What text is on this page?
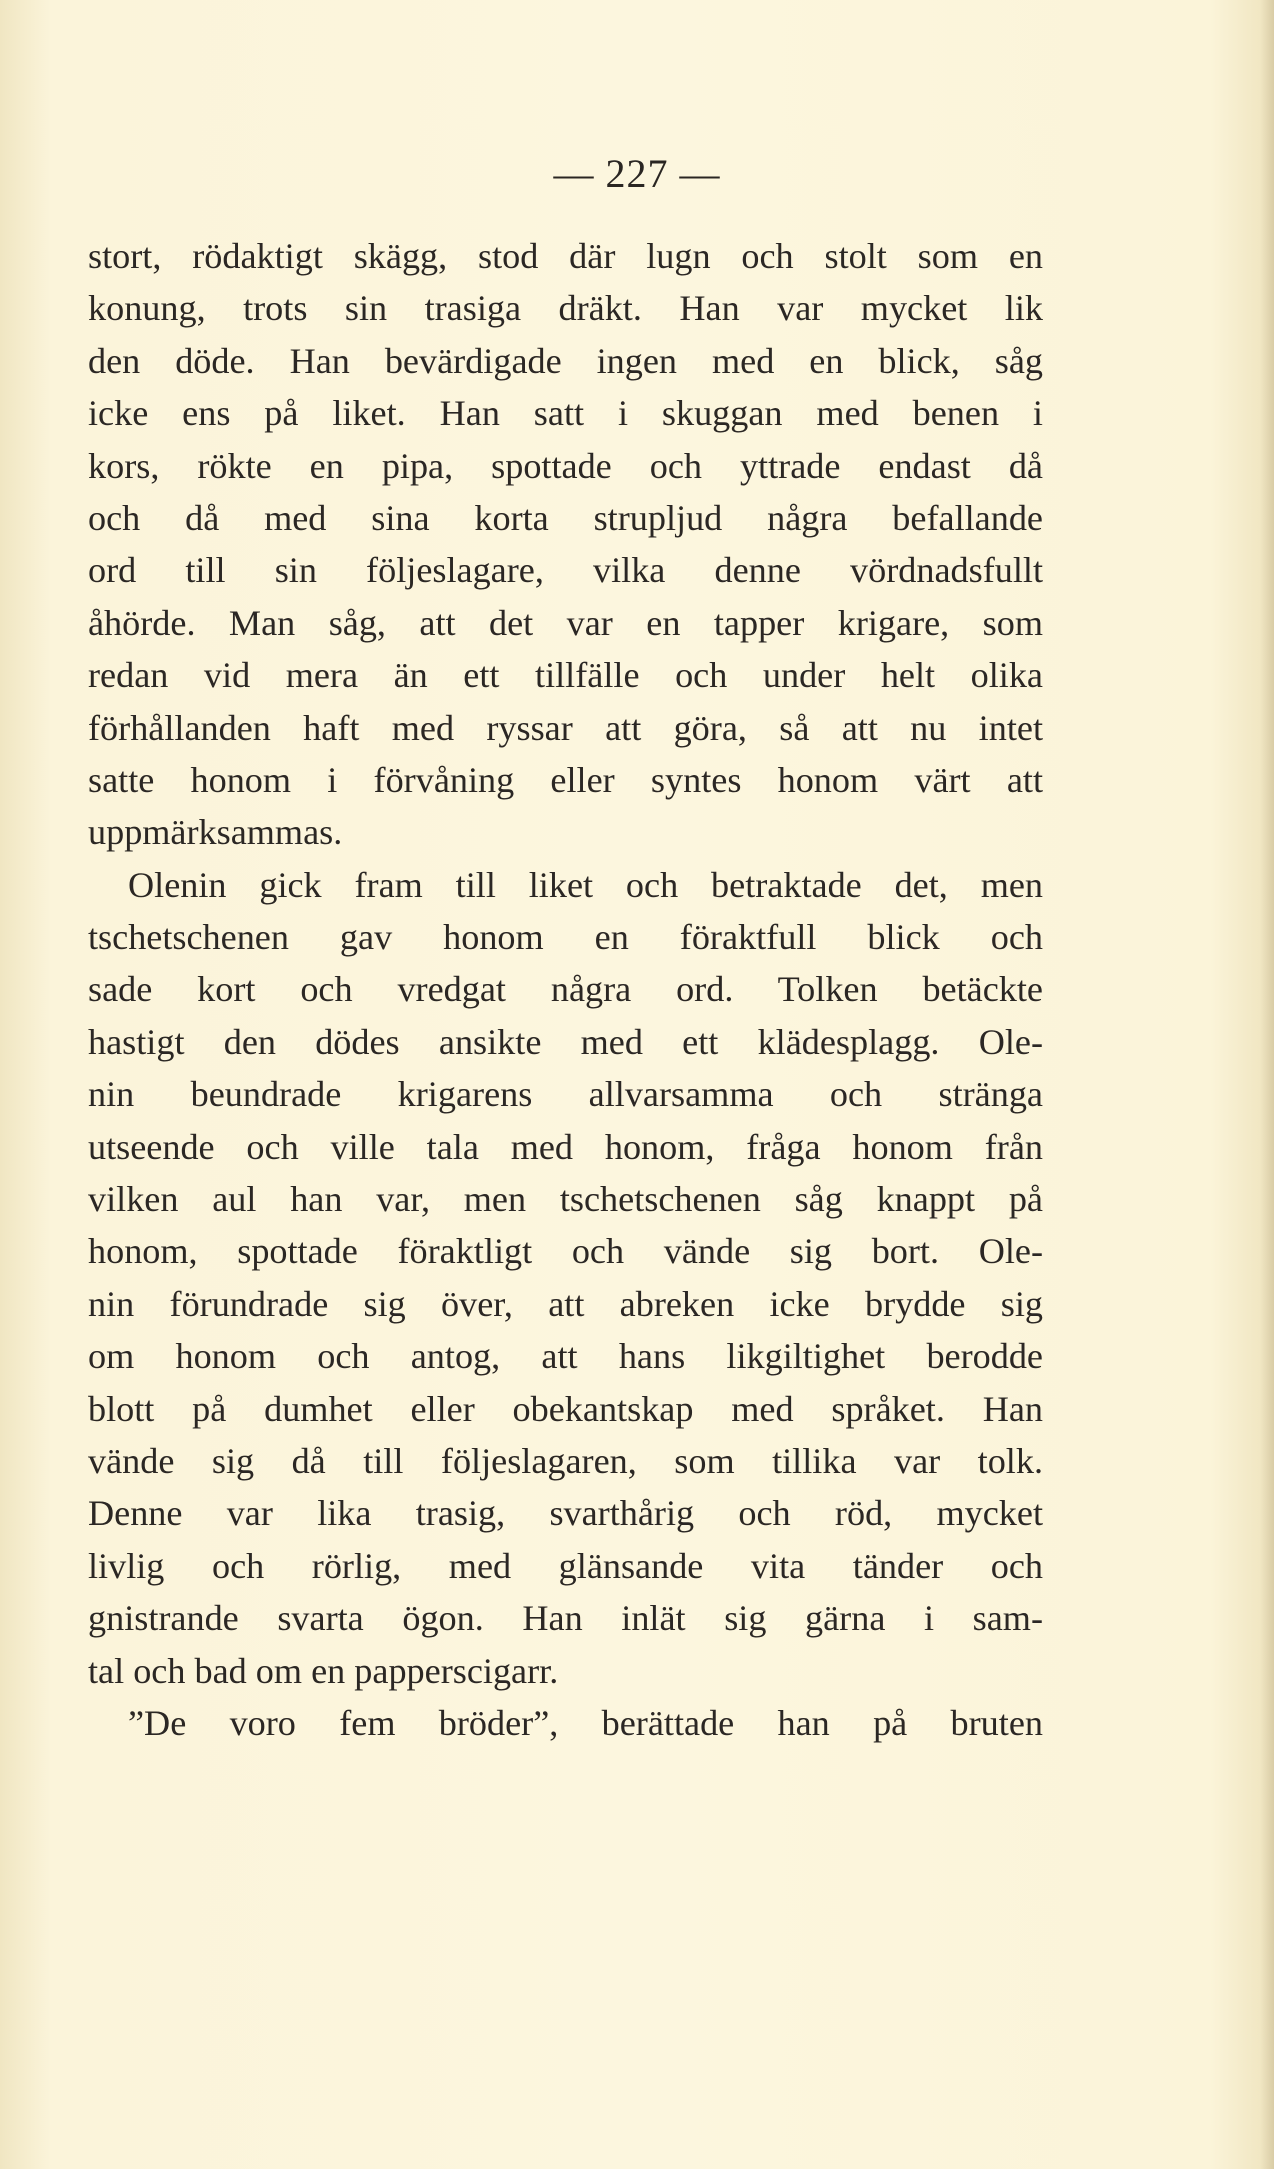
— 227 —
stort, rödaktigt skägg, stod där lugn och stolt som en
konung, trots sin trasiga dräkt. Han var mycket lik
den döde. Han bevärdigade ingen med en blick, såg
icke ens på liket. Han satt i skuggan med benen i
kors, rökte en pipa, spottade och yttrade endast då
och då med sina korta strupljud några befallande
ord till sin följeslagare, vilka denne vördnadsfullt
åhörde. Man såg, att det var en tapper krigare, som
redan vid mera än ett tillfälle och under helt olika
förhållanden haft med ryssar att göra, så att nu intet
satte honom i förvåning eller syntes honom värt att
uppmärksammas.
Olenin gick fram till liket och betraktade det, men
tschetschenen gav honom en föraktfull blick och
sade kort och vredgat några ord. Tolken betäckte
hastigt den dödes ansikte med ett klädesplagg. Ole-
nin beundrade krigarens allvarsamma och stränga
utseende och ville tala med honom, fråga honom från
vilken aul han var, men tschetschenen såg knappt på
honom, spottade föraktligt och vände sig bort. Ole-
nin förundrade sig över, att abreken icke brydde sig
om honom och antog, att hans likgiltighet berodde
blott på dumhet eller obekantskap med språket. Han
vände sig då till följeslagaren, som tillika var tolk.
Denne var lika trasig, svarthårig och röd, mycket
livlig och rörlig, med glänsande vita tänder och
gnistrande svarta ögon. Han inlät sig gärna i sam-
tal och bad om en papperscigarr.
”De voro fem bröder”, berättade han på bruten
